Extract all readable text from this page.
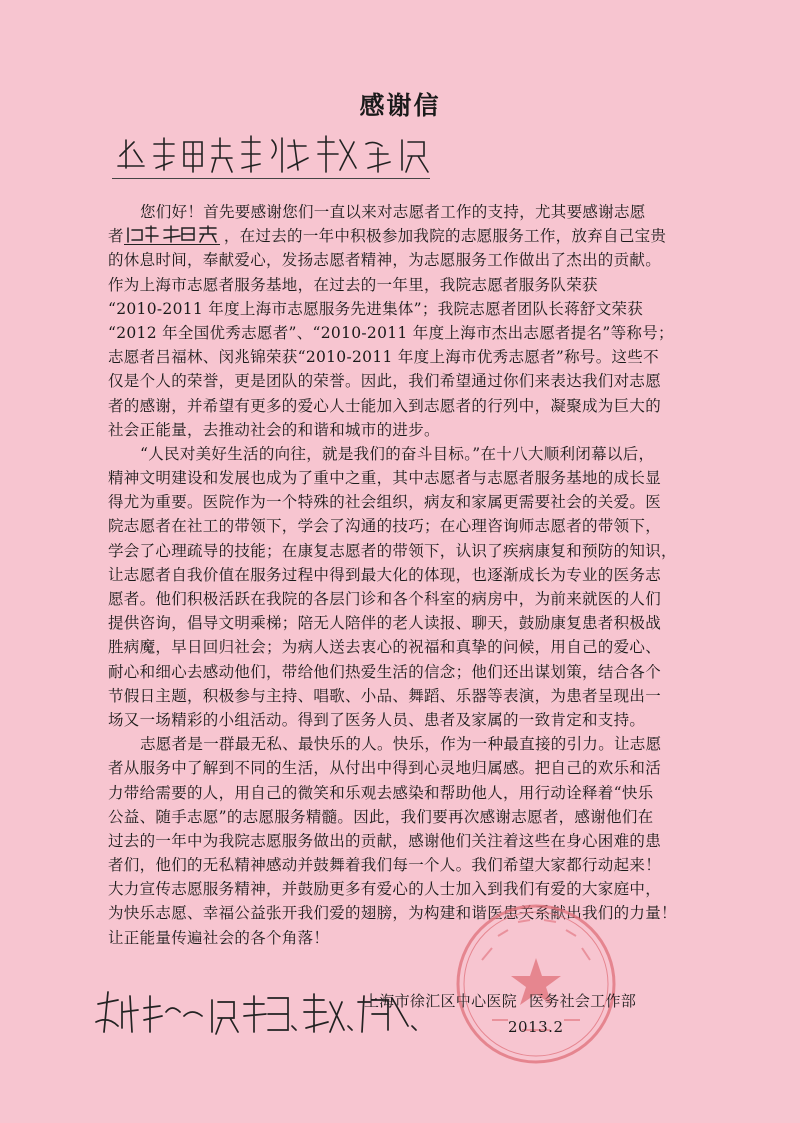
感谢信
您们好！首先要感谢您们一直以来对志愿者工作的支持，尤其要感谢志愿
者	，在过去的一年中积极参加我院的志愿服务工作，放弃自己宝贵
的休息时间，奉献爱心，发扬志愿者精神，为志愿服务工作做出了杰出的贡献。
作为上海市志愿者服务基地，在过去的一年里，我院志愿者服务队荣获
“2010-2011 年度上海市志愿服务先进集体”；我院志愿者团队长蒋舒文荣获
“2012 年全国优秀志愿者”、“2010-2011 年度上海市杰出志愿者提名”等称号；
志愿者吕福林、闵兆锦荣获“2010-2011 年度上海市优秀志愿者”称号。这些不
仅是个人的荣誉，更是团队的荣誉。因此，我们希望通过你们来表达我们对志愿
者的感谢，并希望有更多的爱心人士能加入到志愿者的行列中，凝聚成为巨大的
社会正能量，去推动社会的和谐和城市的进步。
“人民对美好生活的向往，就是我们的奋斗目标。”在十八大顺利闭幕以后，
精神文明建设和发展也成为了重中之重，其中志愿者与志愿者服务基地的成长显
得尤为重要。医院作为一个特殊的社会组织，病友和家属更需要社会的关爱。医
院志愿者在社工的带领下，学会了沟通的技巧；在心理咨询师志愿者的带领下，
学会了心理疏导的技能；在康复志愿者的带领下，认识了疾病康复和预防的知识，
让志愿者自我价值在服务过程中得到最大化的体现，也逐渐成长为专业的医务志
愿者。他们积极活跃在我院的各层门诊和各个科室的病房中，为前来就医的人们
提供咨询，倡导文明乘梯；陪无人陪伴的老人读报、聊天，鼓励康复患者积极战
胜病魔，早日回归社会；为病人送去衷心的祝福和真挚的问候，用自己的爱心、
耐心和细心去感动他们，带给他们热爱生活的信念；他们还出谋划策，结合各个
节假日主题，积极参与主持、唱歌、小品、舞蹈、乐器等表演，为患者呈现出一
场又一场精彩的小组活动。得到了医务人员、患者及家属的一致肯定和支持。
志愿者是一群最无私、最快乐的人。快乐，作为一种最直接的引力。让志愿
者从服务中了解到不同的生活，从付出中得到心灵地归属感。把自己的欢乐和活
力带给需要的人，用自己的微笑和乐观去感染和帮助他人，用行动诠释着“快乐
公益、随手志愿”的志愿服务精髓。因此，我们要再次感谢志愿者，感谢他们在
过去的一年中为我院志愿服务做出的贡献，感谢他们关注着这些在身心困难的患
者们，他们的无私精神感动并鼓舞着我们每一个人。我们希望大家都行动起来！
大力宣传志愿服务精神，并鼓励更多有爱心的人士加入到我们有爱的大家庭中，
为快乐志愿、幸福公益张开我们爱的翅膀，为构建和谐医患关系献出我们的力量！
让正能量传遍社会的各个角落！
上海市徐汇区中心医院 医务社会工作部
2013.2
